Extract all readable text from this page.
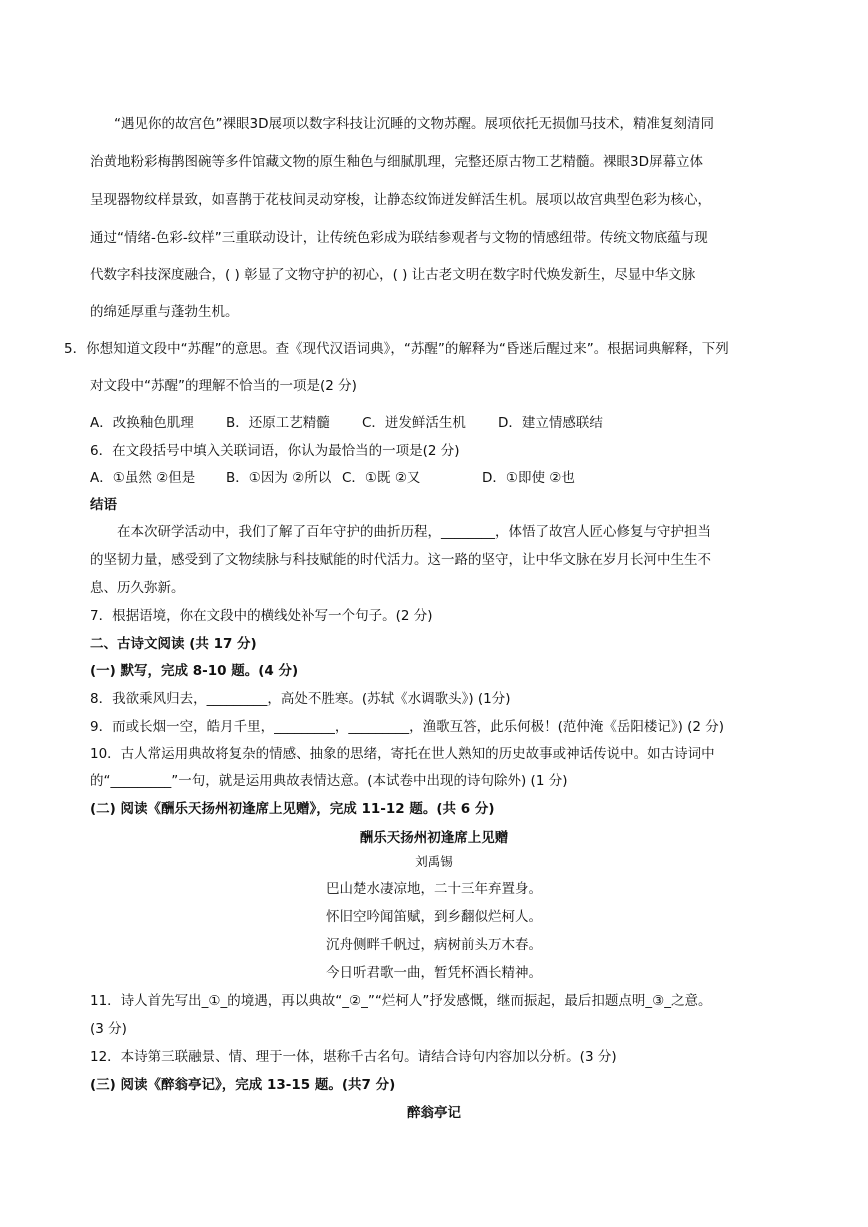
“遇见你的故宫色”裸眼3D展项以数字科技让沉睡的文物苏醒。展项依托无损伽马技术，精准复刻清同
治黄地粉彩梅鹊图碗等多件馆藏文物的原生釉色与细腻肌理，完整还原古物工艺精髓。裸眼3D屏幕立体
呈现器物纹样景致，如喜鹊于花枝间灵动穿梭，让静态纹饰迸发鲜活生机。展项以故宫典型色彩为核心，
通过“情绪-色彩-纹样”三重联动设计，让传统色彩成为联结参观者与文物的情感纽带。传统文物底蕴与现
代数字科技深度融合，( ) 彰显了文物守护的初心，( ) 让古老文明在数字时代焕发新生，尽显中华文脉
的绵延厚重与蓬勃生机。
5．你想知道文段中“苏醒”的意思。查《现代汉语词典》，“苏醒”的解释为“昏迷后醒过来”。根据词典解释，下列
对文段中“苏醒”的理解不恰当的一项是(2 分)
A．改换釉色肌理 B．还原工艺精髓 C．迸发鲜活生机 D．建立情感联结
6．在文段括号中填入关联词语，你认为最恰当的一项是(2 分)
A．①虽然 ②但是 B．①因为 ②所以 C．①既 ②又	D．①即使 ②也
结语
在本次研学活动中，我们了解了百年守护的曲折历程，________，体悟了故宫人匠心修复与守护担当
的坚韧力量，感受到了文物续脉与科技赋能的时代活力。这一路的坚守，让中华文脉在岁月长河中生生不
息、历久弥新。
7．根据语境，你在文段中的横线处补写一个句子。(2 分)
二、古诗文阅读 (共 17 分)
(一) 默写，完成 8-10 题。(4 分)
8．我欲乘风归去，_________，高处不胜寒。(苏轼《水调歌头》) (1分)
9．而或长烟一空，皓月千里，_________，_________，渔歌互答，此乐何极！(范仲淹《岳阳楼记》) (2 分)
10．古人常运用典故将复杂的情感、抽象的思绪，寄托在世人熟知的历史故事或神话传说中。如古诗词中
的“_________”一句，就是运用典故表情达意。(本试卷中出现的诗句除外) (1 分)
(二) 阅读《酬乐天扬州初逢席上见赠》，完成 11-12 题。(共 6 分)
酬乐天扬州初逢席上见赠
刘禹锡
巴山楚水凄凉地，二十三年弃置身。
怀旧空吟闻笛赋，到乡翻似烂柯人。
沉舟侧畔千帆过，病树前头万木春。
今日听君歌一曲，暂凭杯酒长精神。
11．诗人首先写出_①_的境遇，再以典故“_②_”“烂柯人”抒发感慨，继而振起，最后扣题点明_③_之意。
(3 分)
12．本诗第三联融景、情、理于一体，堪称千古名句。请结合诗句内容加以分析。(3 分)
(三) 阅读《醉翁亭记》，完成 13-15 题。(共7 分)
醉翁亭记
